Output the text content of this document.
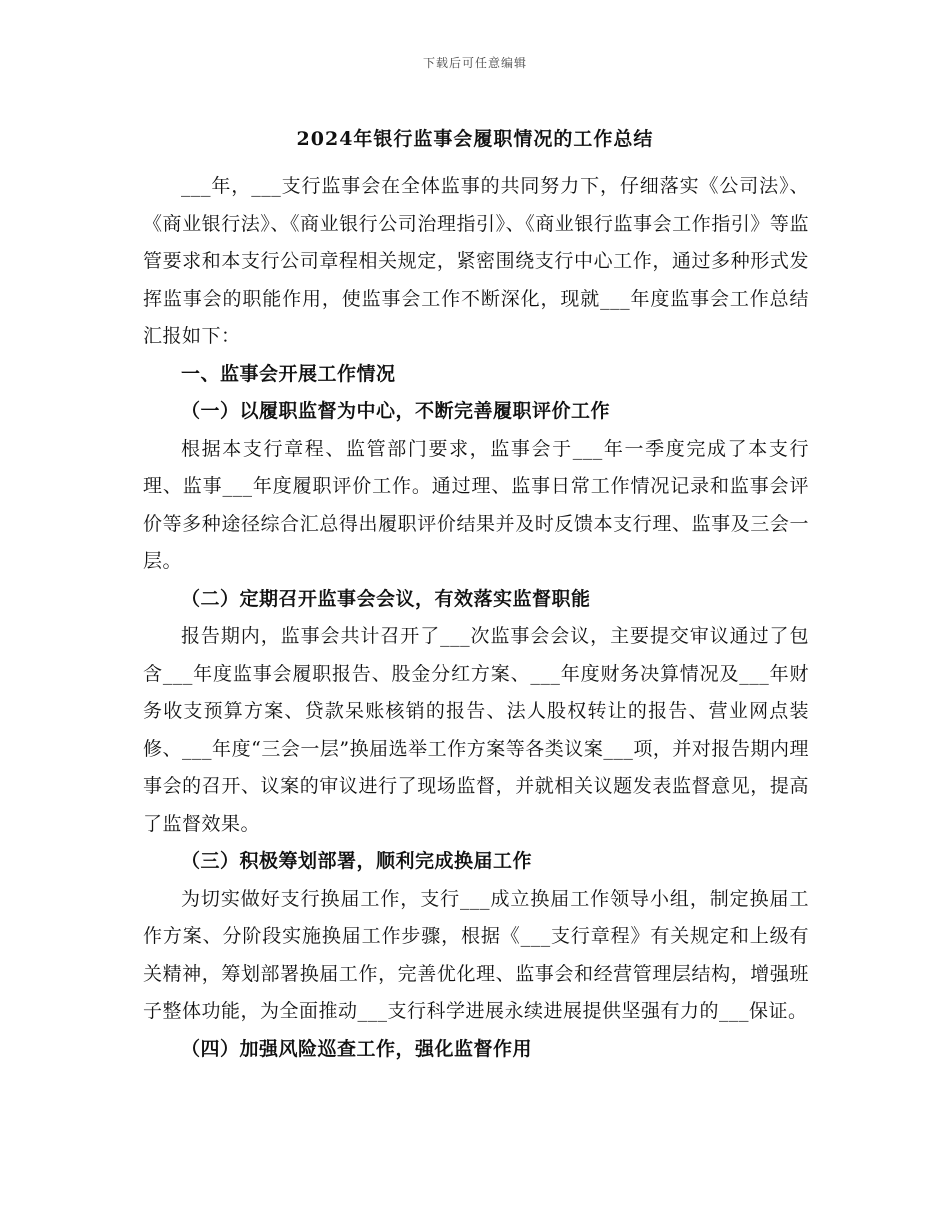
下载后可任意编辑
2024年银行监事会履职情况的工作总结

___年，___支行监事会在全体监事的共同努力下，仔细落实《公司法》、《商业银行法》、《商业银行公司治理指引》、《商业银行监事会工作指引》等监管要求和本支行公司章程相关规定，紧密围绕支行中心工作，通过多种形式发挥监事会的职能作用，使监事会工作不断深化，现就___年度监事会工作总结汇报如下：

一、监事会开展工作情况

（一）以履职监督为中心，不断完善履职评价工作

根据本支行章程、监管部门要求，监事会于___年一季度完成了本支行理、监事___年度履职评价工作。通过理、监事日常工作情况记录和监事会评价等多种途径综合汇总得出履职评价结果并及时反馈本支行理、监事及三会一层。

（二）定期召开监事会会议，有效落实监督职能

报告期内，监事会共计召开了___次监事会会议，主要提交审议通过了包含___年度监事会履职报告、股金分红方案、___年度财务决算情况及___年财务收支预算方案、贷款呆账核销的报告、法人股权转让的报告、营业网点装修、___年度“三会一层”换届选举工作方案等各类议案___项，并对报告期内理事会的召开、议案的审议进行了现场监督，并就相关议题发表监督意见，提高了监督效果。

（三）积极筹划部署，顺利完成换届工作

为切实做好支行换届工作，支行___成立换届工作领导小组，制定换届工作方案、分阶段实施换届工作步骤，根据《___支行章程》有关规定和上级有关精神，筹划部署换届工作，完善优化理、监事会和经营管理层结构，增强班子整体功能，为全面推动___支行科学进展永续进展提供坚强有力的___保证。

（四）加强风险巡查工作，强化监督作用
